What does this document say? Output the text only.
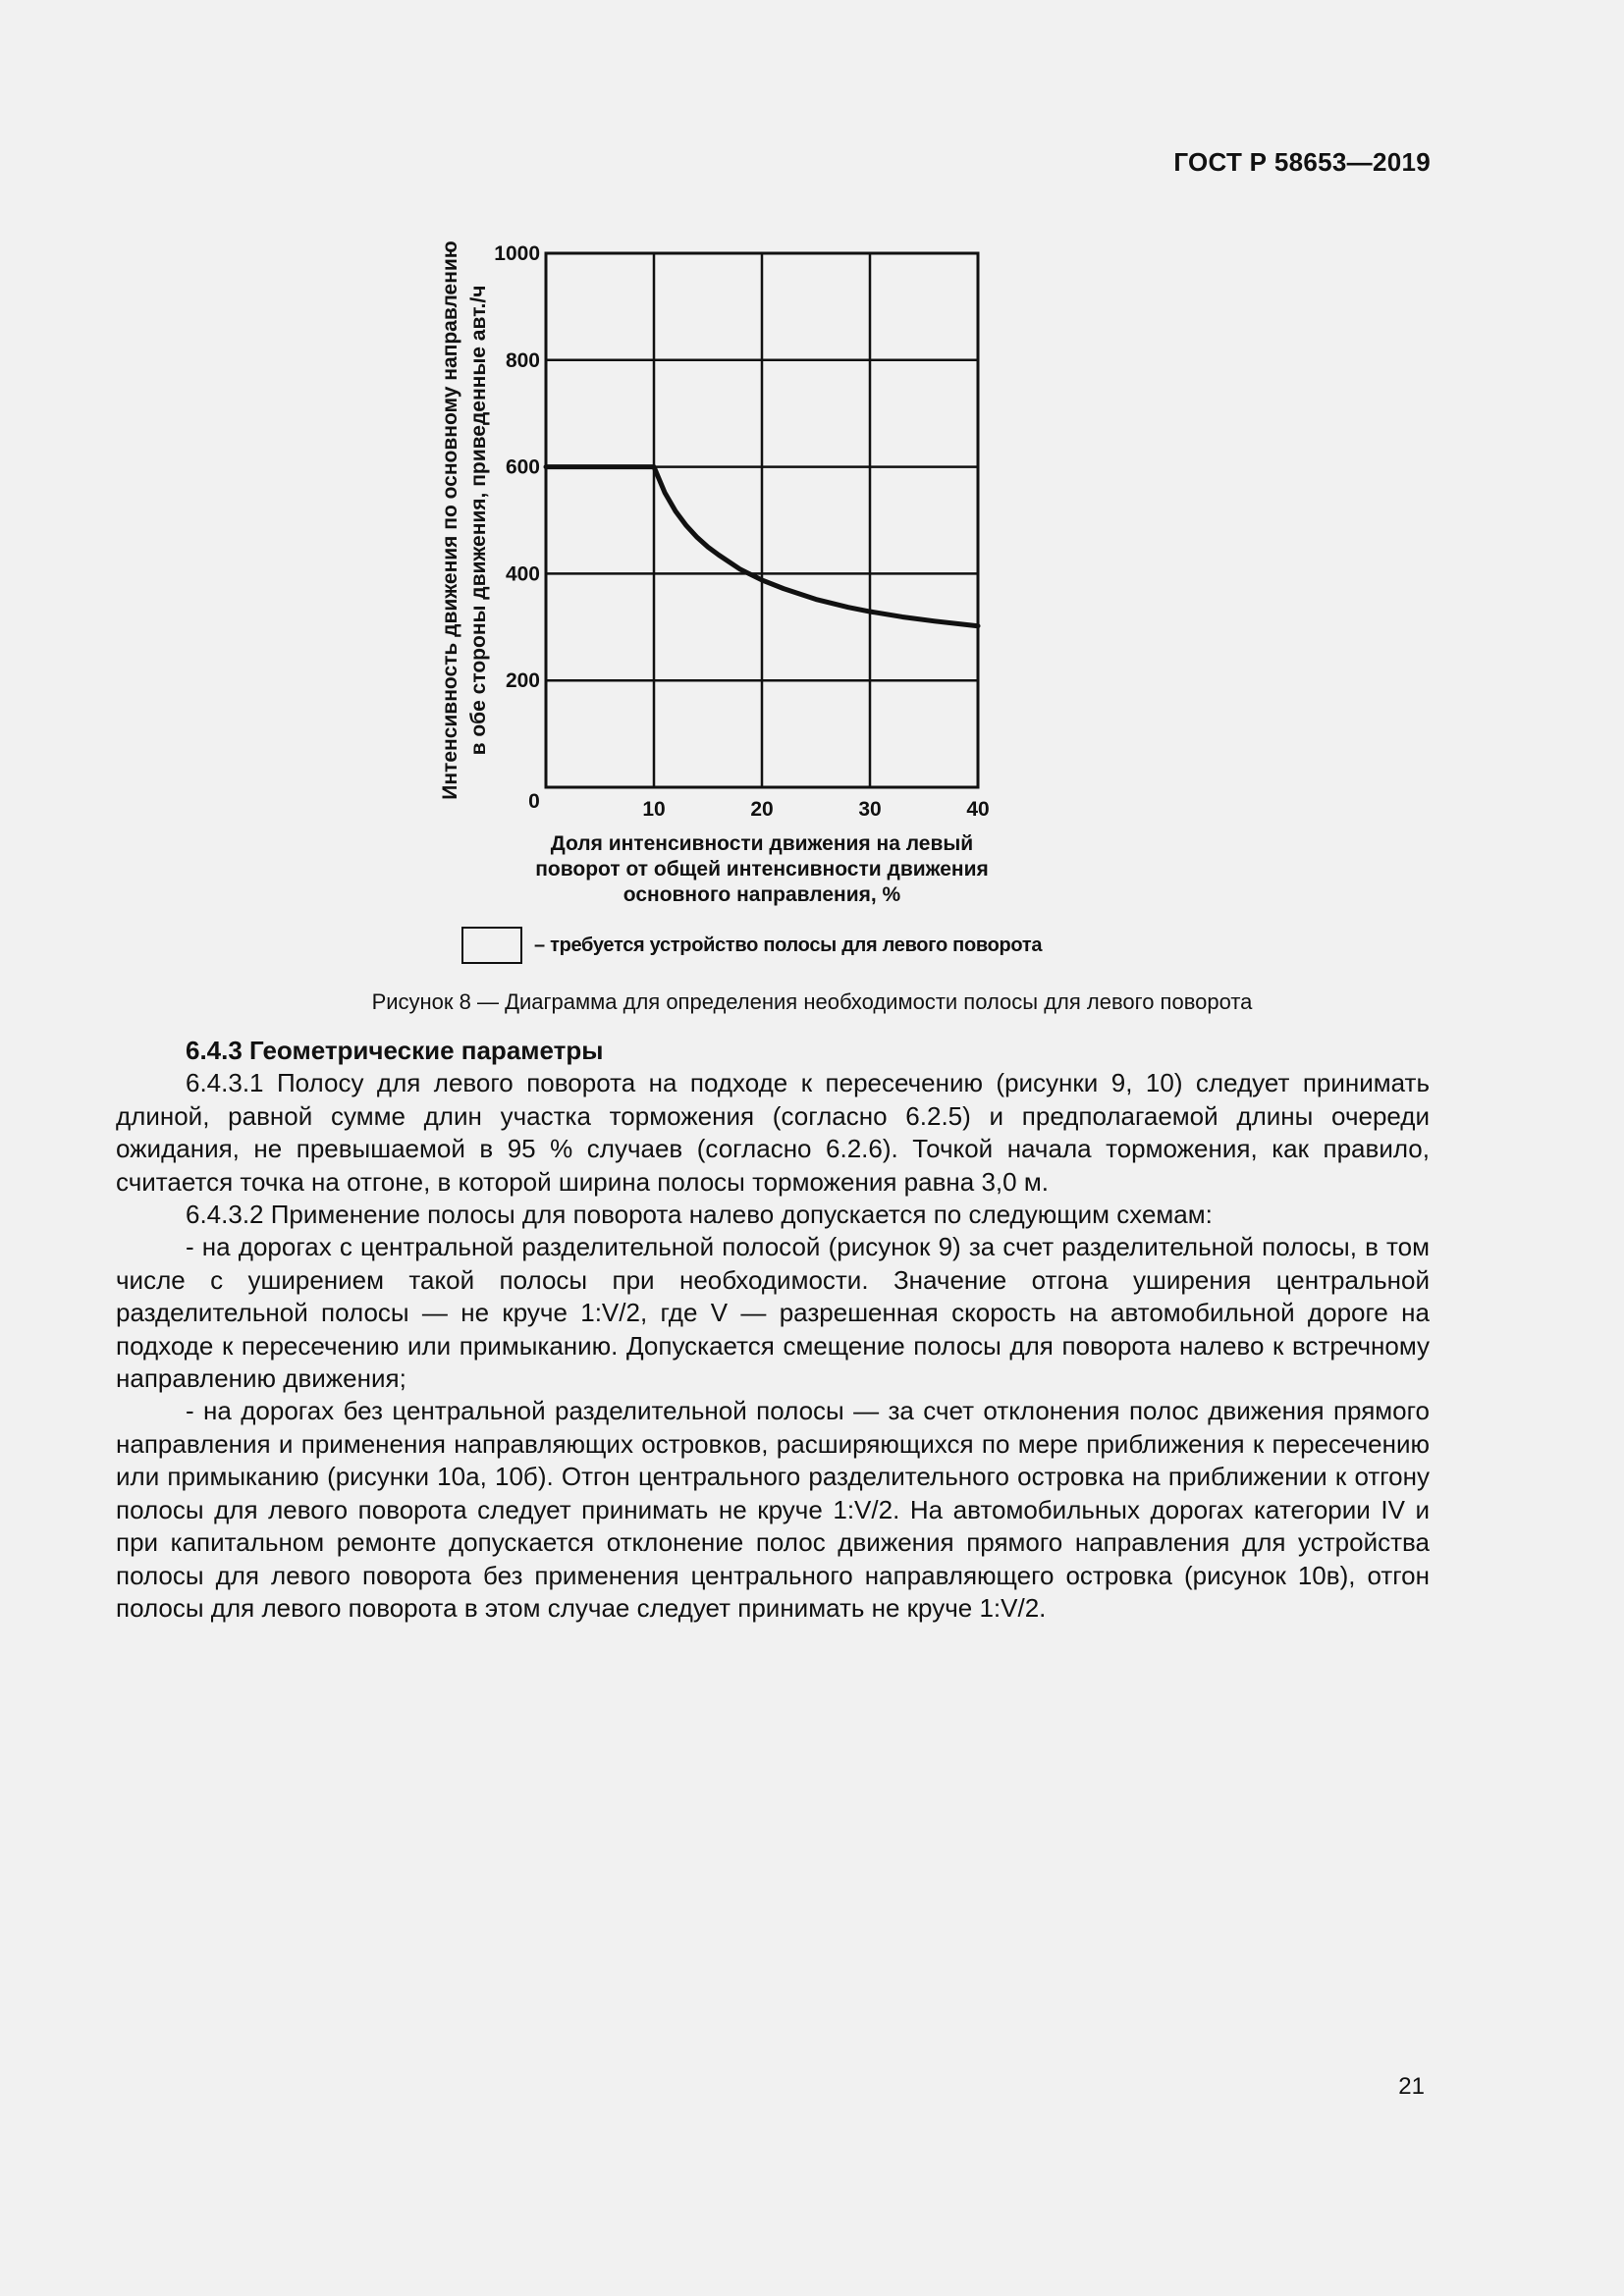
ГОСТ Р 58653—2019
0	10	20	30	40
200
400
600
800
1000
Интенсивность движения по основному направлению в обе стороны движения, приведенные авт./ч
Доля интенсивности движения на левый
поворот от общей интенсивности движения
основного направления, %
– требуется устройство полосы для левого поворота
Рисунок 8 — Диаграмма для определения необходимости полосы для левого поворота

6.4.3 Геометрические параметры

6.4.3.1 Полосу для левого поворота на подходе к пересечению (рисунки 9, 10) следует принимать длиной, равной сумме длин участка торможения (согласно 6.2.5) и предполагаемой длины очереди ожидания, не превышаемой в 95 % случаев (согласно 6.2.6). Точкой начала торможения, как правило, считается точка на отгоне, в которой ширина полосы торможения равна 3,0 м.

6.4.3.2 Применение полосы для поворота налево допускается по следующим схемам:

- на дорогах с центральной разделительной полосой (рисунок 9) за счет разделительной полосы, в том числе с уширением такой полосы при необходимости. Значение отгона уширения центральной разделительной полосы — не круче 1:V/2, где V — разрешенная скорость на автомобильной дороге на подходе к пересечению или примыканию. Допускается смещение полосы для поворота налево к встречному направлению движения;

- на дорогах без центральной разделительной полосы — за счет отклонения полос движения прямого направления и применения направляющих островков, расширяющихся по мере приближения к пересечению или примыканию (рисунки 10а, 10б). Отгон центрального разделительного островка на приближении к отгону полосы для левого поворота следует принимать не круче 1:V/2. На автомобильных дорогах категории IV и при капитальном ремонте допускается отклонение полос движения прямого направления для устройства полосы для левого поворота без применения центрального направляющего островка (рисунок 10в), отгон полосы для левого поворота в этом случае следует принимать не круче 1:V/2.

21
